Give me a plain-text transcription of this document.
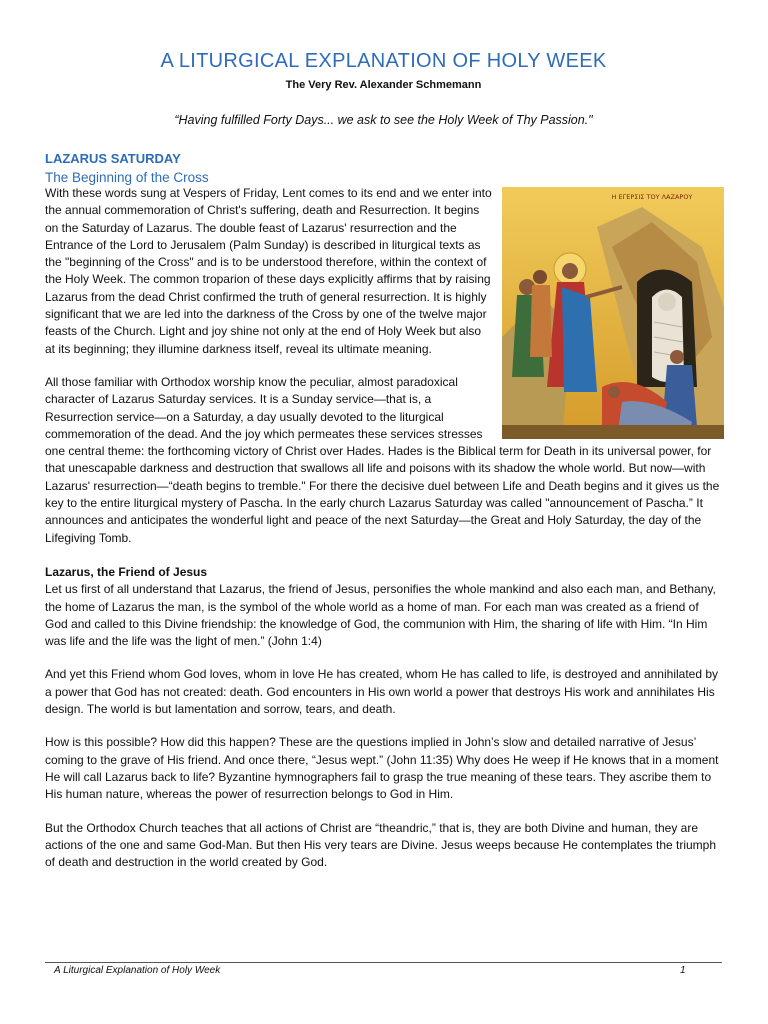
A LITURGICAL EXPLANATION OF HOLY WEEK
The Very Rev. Alexander Schmemann
“Having fulfilled Forty Days... we ask to see the Holy Week of Thy Passion."
LAZARUS SATURDAY
The Beginning of the Cross
Η ΕΓΕΡΣΙΣ ΤΟΥ ΛΑΖΑΡΟΥ

With these words sung at Vespers of Friday, Lent comes to its end and we enter into the annual commemoration of Christ's suffering, death and Resurrection. It begins on the Saturday of Lazarus. The double feast of Lazarus' resurrection and the Entrance of the Lord to Jerusalem (Palm Sunday) is described in liturgical texts as the "beginning of the Cross" and is to be understood therefore, within the context of the Holy Week. The common troparion of these days explicitly affirms that by raising Lazarus from the dead Christ confirmed the truth of general resurrection. It is highly significant that we are led into the darkness of the Cross by one of the twelve major feasts of the Church. Light and joy shine not only at the end of Holy Week but also at its beginning; they illumine darkness itself, reveal its ultimate meaning.

All those familiar with Orthodox worship know the peculiar, almost paradoxical character of Lazarus Saturday services. It is a Sunday service—that is, a Resurrection service—on a Saturday, a day usually devoted to the liturgical commemoration of the dead. And the joy which permeates these services stresses one central theme: the forthcoming victory of Christ over Hades. Hades is the Biblical term for Death in its universal power, for that unescapable darkness and destruction that swallows all life and poisons with its shadow the whole world. But now—with Lazarus' resurrection—“death begins to tremble." For there the decisive duel between Life and Death begins and it gives us the key to the entire liturgical mystery of Pascha. In the early church Lazarus Saturday was called "announcement of Pascha.” It announces and anticipates the wonderful light and peace of the next Saturday—the Great and Holy Saturday, the day of the Lifegiving Tomb.

Lazarus, the Friend of Jesus

Let us first of all understand that Lazarus, the friend of Jesus, personifies the whole mankind and also each man, and Bethany, the home of Lazarus the man, is the symbol of the whole world as a home of man. For each man was created as a friend of God and called to this Divine friendship: the knowledge of God, the communion with Him, the sharing of life with Him. “In Him was life and the life was the light of men.” (John 1:4)

And yet this Friend whom God loves, whom in love He has created, whom He has called to life, is destroyed and annihilated by a power that God has not created: death. God encounters in His own world a power that destroys His work and annihilates His design. The world is but lamentation and sorrow, tears, and death.

How is this possible? How did this happen? These are the questions implied in John’s slow and detailed narrative of Jesus’ coming to the grave of His friend. And once there, “Jesus wept.” (John 11:35) Why does He weep if He knows that in a moment He will call Lazarus back to life? Byzantine hymnographers fail to grasp the true meaning of these tears. They ascribe them to His human nature, whereas the power of resurrection belongs to God in Him.

But the Orthodox Church teaches that all actions of Christ are “theandric,” that is, they are both Divine and human, they are actions of the one and same God-Man. But then His very tears are Divine. Jesus weeps because He contemplates the triumph of death and destruction in the world created by God.

A Liturgical Explanation of Holy Week	1
